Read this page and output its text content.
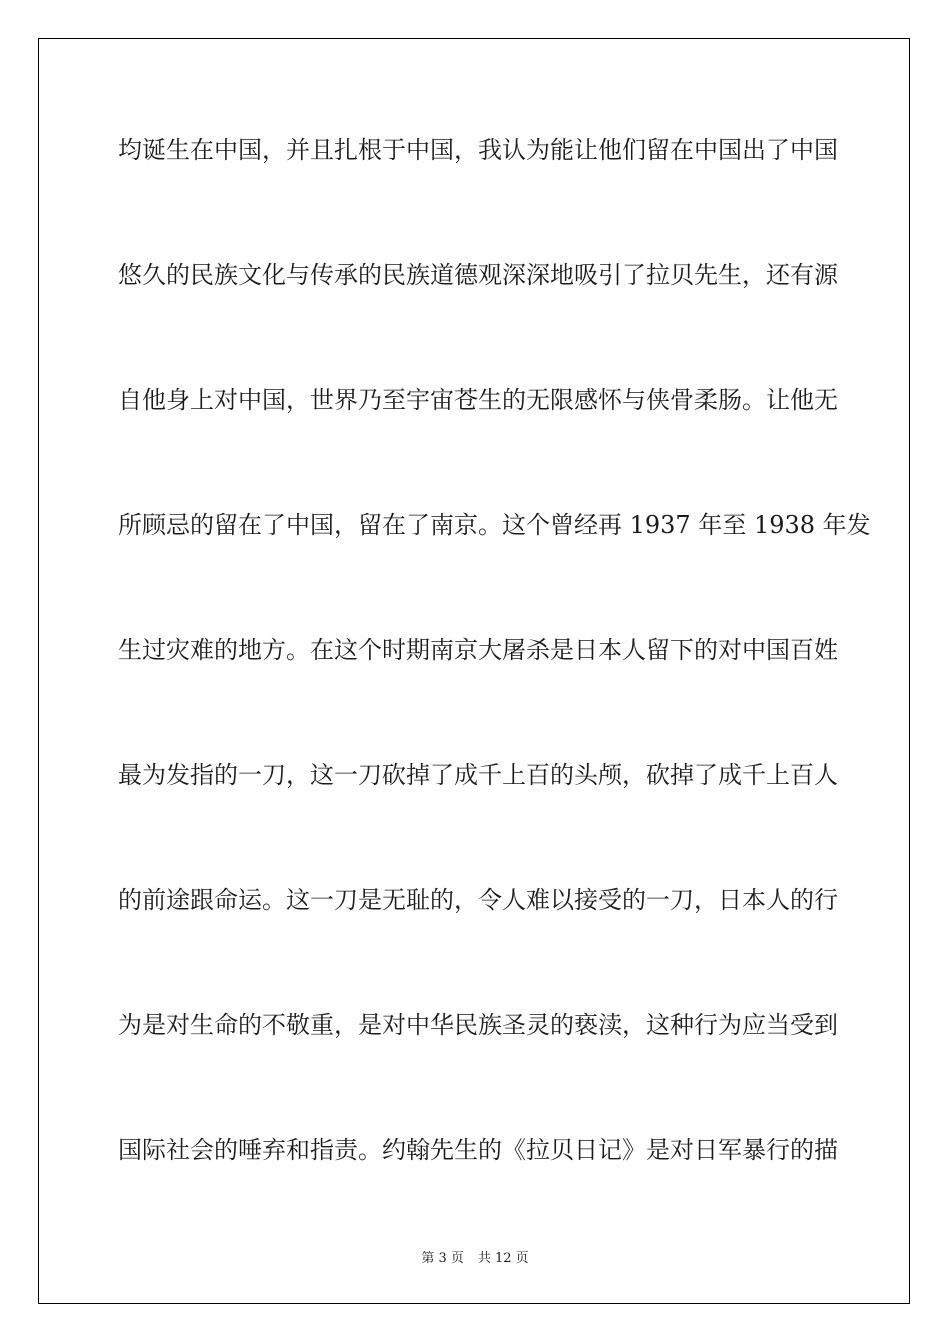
均诞生在中国，并且扎根于中国，我认为能让他们留在中国出了中国
悠久的民族文化与传承的民族道德观深深地吸引了拉贝先生，还有源
自他身上对中国，世界乃至宇宙苍生的无限感怀与侠骨柔肠。让他无
所顾忌的留在了中国，留在了南京。这个曾经再 1937 年至 1938 年发
生过灾难的地方。在这个时期南京大屠杀是日本人留下的对中国百姓
最为发指的一刀，这一刀砍掉了成千上百的头颅，砍掉了成千上百人
的前途跟命运。这一刀是无耻的，令人难以接受的一刀，日本人的行
为是对生命的不敬重，是对中华民族圣灵的亵渎，这种行为应当受到
国际社会的唾弃和指责。约翰先生的《拉贝日记》是对日军暴行的描
第 3 页 共 12 页
